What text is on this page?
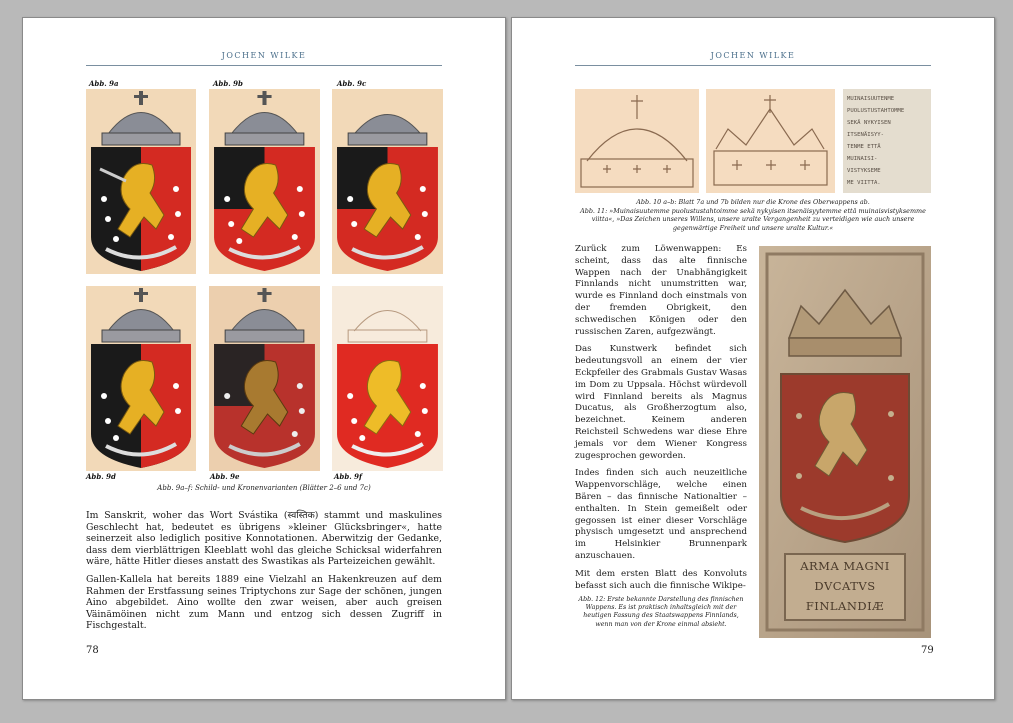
JOCHEN WILKE
Abb. 9a	Abb. 9b	Abb. 9c
Abb. 9d	Abb. 9e	Abb. 9f
Abb. 9a–f: Schild- und Kronenvarianten (Blätter 2–6 und 7c)

Im Sanskrit, woher das Wort Svástika (स्वस्तिक) stammt und maskulines Geschlecht hat, bedeutet es übrigens »kleiner Glücksbringer«, hatte seinerzeit also lediglich positive Konnotationen. Aberwitzig der Gedanke, dass dem vierblättrigen Kleeblatt wohl das gleiche Schicksal widerfahren wäre, hätte Hitler dieses anstatt des Swastikas als Parteizeichen gewählt.

Gallen-Kallela hat bereits 1889 eine Vielzahl an Hakenkreuzen auf dem Rahmen der Erstfassung seines Triptychons zur Sage der schönen, jungen Aino abgebildet. Aino wollte den zwar weisen, aber auch greisen Väinämöinen nicht zum Mann und entzog sich dessen Zugriff in Fischgestalt.

78
JOCHEN WILKE
MUINAISUUTENME
PUOLUSTUSTAHTOMME
SEKÄ NYKYISEN
ITSENÄISYY-
TENME ETTÄ
MUINAISI-
VISTYKSEME
ME VIITTA.
Abb. 10 a–b: Blatt 7a und 7b bilden nur die Krone des Oberwappens ab.
Abb. 11: »Muinaisuutemme puolustustahtoimme sekä nykyisen itsenäisyytemme että muinaisvistyksemme viitta«, »Das Zeichen unseres Willens, unsere uralte Vergangenheit zu verteidigen wie auch unsere
gegenwärtige Freiheit und unsere uralte Kultur.«

Zurück zum Löwenwappen: Es scheint, dass das alte finnische Wappen nach der Unabhängigkeit Finnlands nicht unumstritten war, wurde es Finnland doch einstmals von der fremden Obrigkeit, den schwedischen Königen oder den russischen Zaren, aufgezwängt.

Das Kunstwerk befindet sich bedeutungsvoll an einem der vier Eckpfeiler des Grabmals Gustav Wasas im Dom zu Uppsala. Höchst würdevoll wird Finnland bereits als Magnus Ducatus, als Großherzogtum also, bezeichnet. Keinem anderen Reichsteil Schwedens war diese Ehre jemals vor dem Wiener Kongress zugesprochen geworden.

Indes finden sich auch neuzeitliche Wappenvorschläge, welche einen Bären – das finnische Nationaltier – enthalten. In Stein gemeißelt oder gegossen ist einer dieser Vorschläge physisch umgesetzt und ansprechend im Helsinkier Brunnenpark anzuschauen.

Mit dem ersten Blatt des Konvoluts befasst sich auch die finnische Wikipe-

Abb. 12: Erste bekannte Darstellung des finnischen Wappens. Es ist praktisch inhaltsgleich mit der heutigen Fassung des Staatswappens Finnlands, wenn man von der Krone einmal absieht.
ARMA MAGNI
DVCATVS
FINLANDIÆ
79
